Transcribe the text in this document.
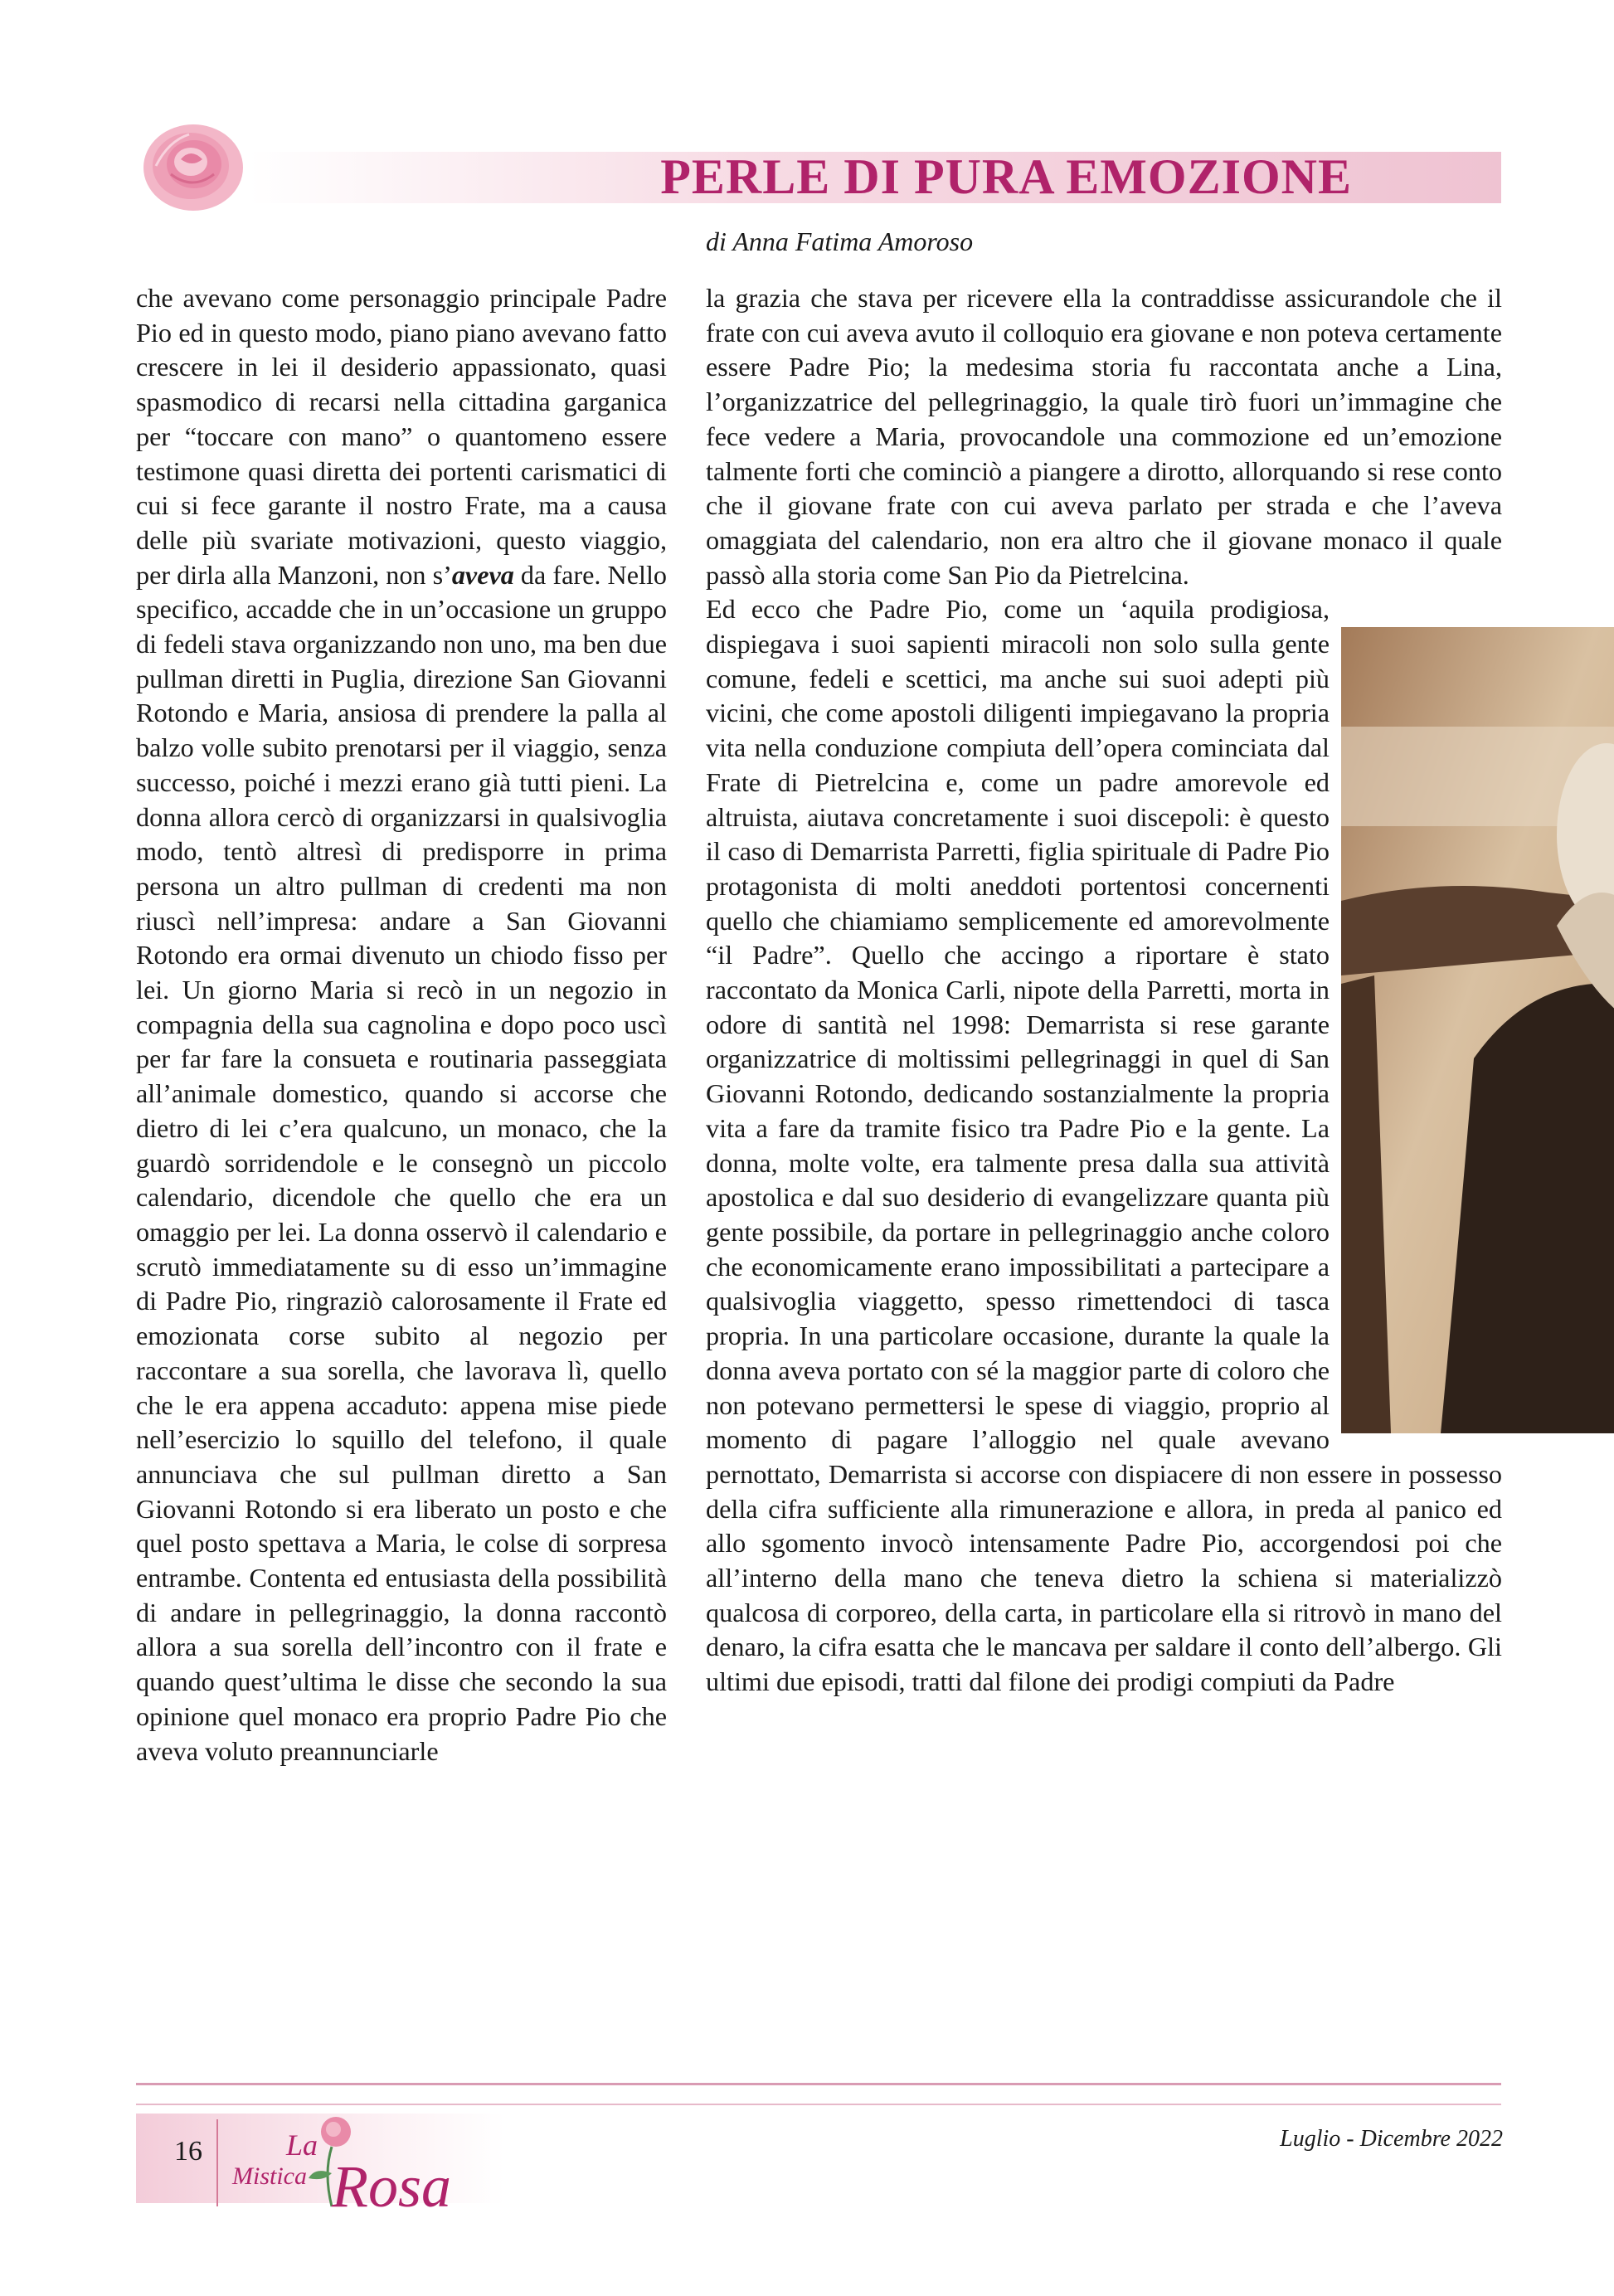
PERLE DI PURA EMOZIONE

di Anna Fatima Amoroso

che avevano come personaggio principale Padre Pio ed in questo modo, piano piano avevano fatto crescere in lei il desiderio appassionato, quasi spasmodico di recarsi nella cittadina garganica per “toccare con mano” o quantomeno essere testimone quasi diretta dei portenti carismatici di cui si fece garante il nostro Frate, ma a causa delle più svariate motivazioni, questo viaggio, per dirla alla Manzoni, non s’aveva da fare. Nello specifico, accadde che in un’occasione un gruppo di fedeli stava organizzando non uno, ma ben due pullman diretti in Puglia, direzione San Giovanni Rotondo e Maria, ansiosa di prendere la palla al balzo volle subito prenotarsi per il viaggio, senza successo, poiché i mezzi erano già tutti pieni. La donna allora cercò di organizzarsi in qualsivoglia modo, tentò altresì di predisporre in prima persona un altro pullman di credenti ma non riuscì nell’impresa: andare a San Giovanni Rotondo era ormai divenuto un chiodo fisso per lei. Un giorno Maria si recò in un negozio in compagnia della sua cagnolina e dopo poco uscì per far fare la consueta e routinaria passeggiata all’animale domestico, quando si accorse che dietro di lei c’era qualcuno, un monaco, che la guardò sorridendole e le consegnò un piccolo calendario, dicendole che quello che era un omaggio per lei. La donna osservò il calendario e scrutò immediatamente su di esso un’immagine di Padre Pio, ringraziò calorosamente il Frate ed emozionata corse subito al negozio per raccontare a sua sorella, che lavorava lì, quello che le era appena accaduto: appena mise piede nell’esercizio lo squillo del telefono, il quale annunciava che sul pullman diretto a San Giovanni Rotondo si era liberato un posto e che quel posto spettava a Maria, le colse di sorpresa entrambe. Contenta ed entusiasta della possibilità di andare in pellegrinaggio, la donna raccontò allora a sua sorella dell’incontro con il frate e quando quest’ultima le disse che secondo la sua opinione quel monaco era proprio Padre Pio che aveva voluto preannunciarle

la grazia che stava per ricevere ella la contraddisse assicurandole che il frate con cui aveva avuto il colloquio era giovane e non poteva certamente essere Padre Pio; la medesima storia fu raccontata anche a Lina, l’organizzatrice del pellegrinaggio, la quale tirò fuori un’immagine che fece vedere a Maria, provocandole una commozione ed un’emozione talmente forti che cominciò a piangere a dirotto, allorquando si rese conto che il giovane frate con cui aveva parlato per strada e che l’aveva omaggiata del calendario, non era altro che il giovane monaco il quale passò alla storia come San Pio da Pietrelcina.

Ed ecco che Padre Pio, come un ‘aquila prodigiosa, dispiegava i suoi sapienti miracoli non solo sulla gente comune, fedeli e scettici, ma anche sui suoi adepti più vicini, che come apostoli diligenti impiegavano la propria vita nella conduzione compiuta dell’opera cominciata dal Frate di Pietrelcina e, come un padre amorevole ed altruista, aiutava concretamente i suoi discepoli: è questo il caso di Demarrista Parretti, figlia spirituale di Padre Pio protagonista di molti aneddoti portentosi concernenti quello che chiamiamo semplicemente ed amorevolmente “il Padre”. Quello che accingo a riportare è stato raccontato da Monica Carli, nipote della Parretti, morta in odore di santità nel 1998: Demarrista si rese garante organizzatrice di moltissimi pellegrinaggi in quel di San Giovanni Rotondo, dedicando sostanzialmente la propria vita a fare da tramite fisico tra Padre Pio e la gente. La donna, molte volte, era talmente presa dalla sua attività apostolica e dal suo desiderio di evangelizzare quanta più gente possibile, da portare in pellegrinaggio anche coloro che economicamente erano impossibilitati a partecipare a qualsivoglia viaggetto, spesso rimettendoci di tasca propria. In una particolare occasione, durante la quale la donna aveva portato con sé la maggior parte di coloro che non potevano permettersi le spese di viaggio, proprio al momento di pagare l’alloggio nel quale avevano pernottato, Demarrista si accorse con dispiacere di non essere in possesso della cifra sufficiente alla rimunerazione e allora, in preda al panico ed allo sgomento invocò intensamente Padre Pio, accorgendosi poi che all’interno della mano che teneva dietro la schiena si materializzò qualcosa di corporeo, della carta, in particolare ella si ritrovò in mano del denaro, la cifra esatta che le mancava per saldare il conto dell’albergo. Gli ultimi due episodi, tratti dal filone dei prodigi compiuti da Padre

16	La
Mistica Rosa

Luglio - Dicembre 2022
